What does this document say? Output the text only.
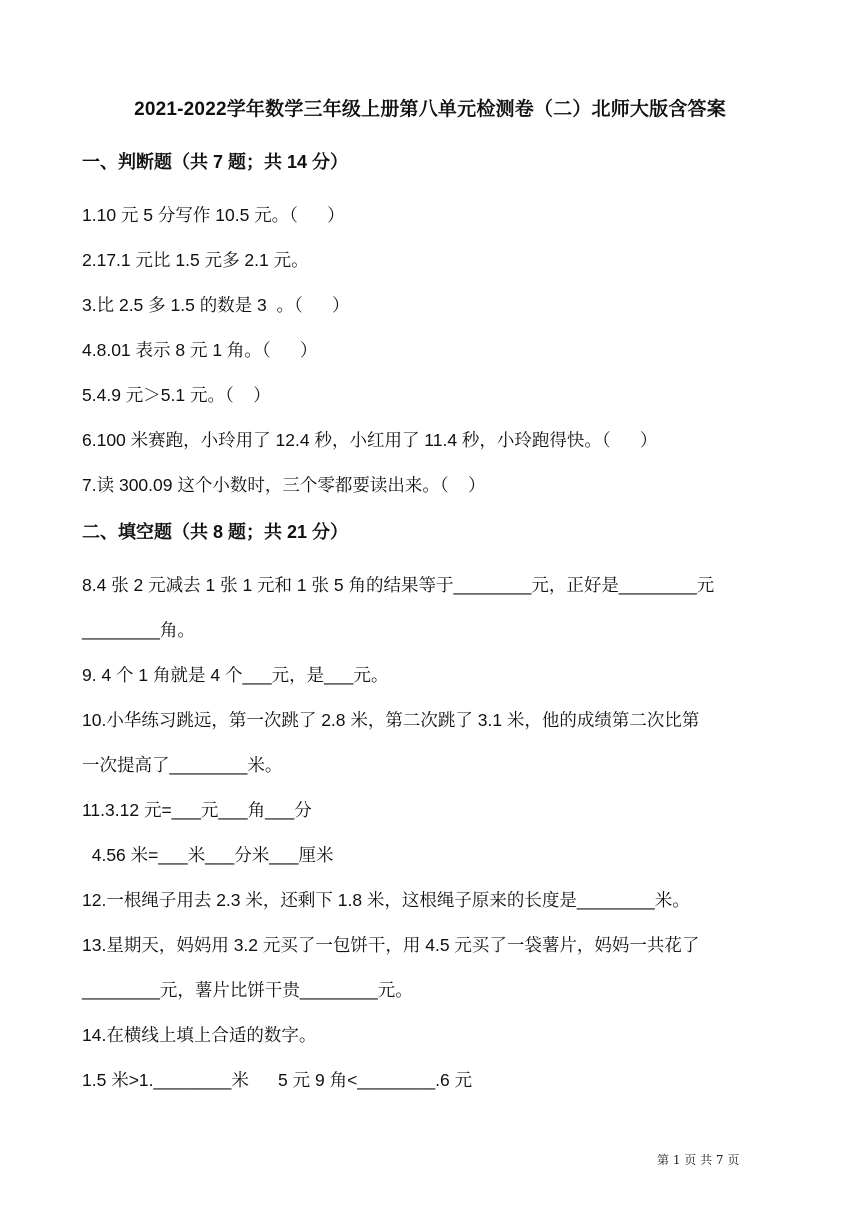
2021-2022学年数学三年级上册第八单元检测卷（二）北师大版含答案
一、判断题（共 7 题；共 14 分）
1.10 元 5 分写作 10.5 元。（      ）
2.17.1 元比 1.5 元多 2.1 元。
3.比 2.5 多 1.5 的数是 3  。（      ）
4.8.01 表示 8 元 1 角。（      ）
5.4.9 元＞5.1 元。（    ）
6.100 米赛跑，小玲用了 12.4 秒，小红用了 11.4 秒，小玲跑得快。（      ）
7.读 300.09 这个小数时，三个零都要读出来。（    ）
二、填空题（共 8 题；共 21 分）
8.4 张 2 元减去 1 张 1 元和 1 张 5 角的结果等于________元，正好是________元
________角。
9. 4 个 1 角就是 4 个___元，是___元。
10.小华练习跳远，第一次跳了 2.8 米，第二次跳了 3.1 米，他的成绩第二次比第
一次提高了________米。
11.3.12 元=___元___角___分
4.56 米=___米___分米___厘米
12.一根绳子用去 2.3 米，还剩下 1.8 米，这根绳子原来的长度是________米。
13.星期天，妈妈用 3.2 元买了一包饼干，用 4.5 元买了一袋薯片，妈妈一共花了
________元，薯片比饼干贵________元。
14.在横线上填上合适的数字。
1.5 米>1.________米      5 元 9 角<________.6 元
第 1 页 共 7 页
